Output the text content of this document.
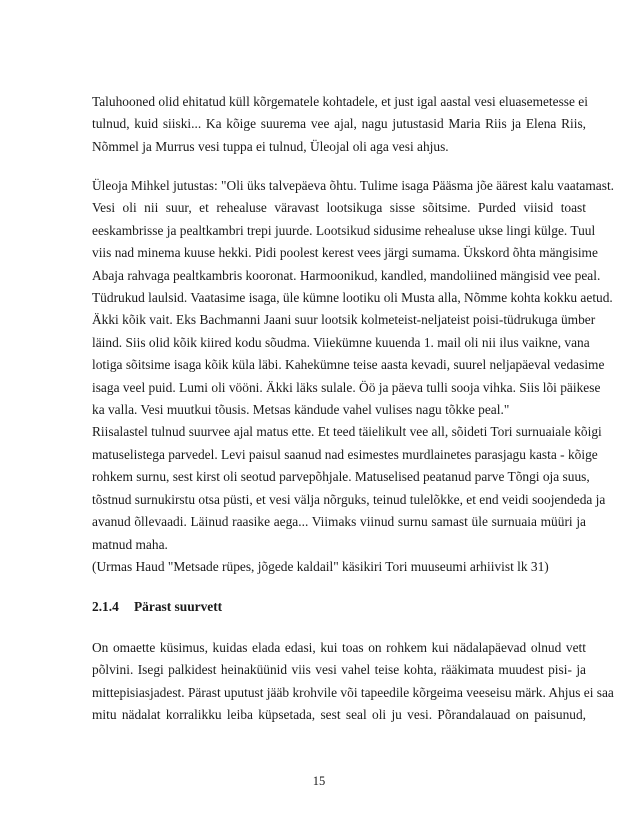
Taluhooned olid ehitatud küll kõrgematele kohtadele, et just igal aastal vesi eluasemetesse ei
tulnud, kuid siiski... Ka kõige suurema vee ajal, nagu jutustasid Maria Riis ja Elena Riis,
Nõmmel ja Murrus vesi tuppa ei tulnud, Üleojal oli aga vesi ahjus.
Üleoja Mihkel jutustas: "Oli üks talvepäeva õhtu. Tulime isaga Pääsma jõe äärest kalu vaatamast.
Vesi oli nii suur, et rehealuse väravast lootsikuga sisse sõitsime. Purded viisid toast
eeskambrisse ja pealtkambri trepi juurde. Lootsikud sidusime rehealuse ukse lingi külge. Tuul
viis nad minema kuuse hekki. Pidi poolest kerest vees järgi sumama. Ükskord õhta mängisime
Abaja rahvaga pealtkambris kooronat. Harmoonikud, kandled, mandoliined mängisid vee peal.
Tüdrukud laulsid. Vaatasime isaga, üle kümne lootiku oli Musta alla, Nõmme kohta kokku aetud.
Äkki kõik vait. Eks Bachmanni Jaani suur lootsik kolmeteist-neljateist poisi-tüdrukuga ümber
läind. Siis olid kõik kiired kodu sõudma. Viiekümne kuuenda 1. mail oli nii ilus vaikne, vana
lotiga sõitsime isaga kõik küla läbi. Kahekümne teise aasta kevadi, suurel neljapäeval vedasime
isaga veel puid. Lumi oli vööni. Äkki läks sulale. Öö ja päeva tulli sooja vihka. Siis lõi päikese
ka valla. Vesi muutkui tõusis. Metsas kändude vahel vulises nagu tõkke peal."
Riisalastel tulnud suurvee ajal matus ette. Et teed täielikult vee all, sõideti Tori surnuaiale kõigi
matuselistega parvedel. Levi paisul saanud nad esimestes murdlainetes parasjagu kasta - kõige
rohkem surnu, sest kirst oli seotud parvepõhjale. Matuselised peatanud parve Tõngi oja suus,
tõstnud surnukirstu otsa püsti, et vesi välja nõrguks, teinud tulelõkke, et end veidi soojendeda ja
avanud õllevaadi. Läinud raasike aega... Viimaks viinud surnu samast üle surnuaia müüri ja
matnud maha.
(Urmas Haud "Metsade rüpes, jõgede kaldail" käsikiri Tori muuseumi arhiivist lk 31)
2.1.4 Pärast suurvett
On omaette küsimus, kuidas elada edasi, kui toas on rohkem kui nädalapäevad olnud vett
põlvini. Isegi palkidest heinaküünid viis vesi vahel teise kohta, rääkimata muudest pisi- ja
mittepisiasjadest. Pärast uputust jääb krohvile või tapeedile kõrgeima veeseisu märk. Ahjus ei saa
mitu nädalat korralikku leiba küpsetada, sest seal oli ju vesi. Põrandalauad on paisunud,
15
